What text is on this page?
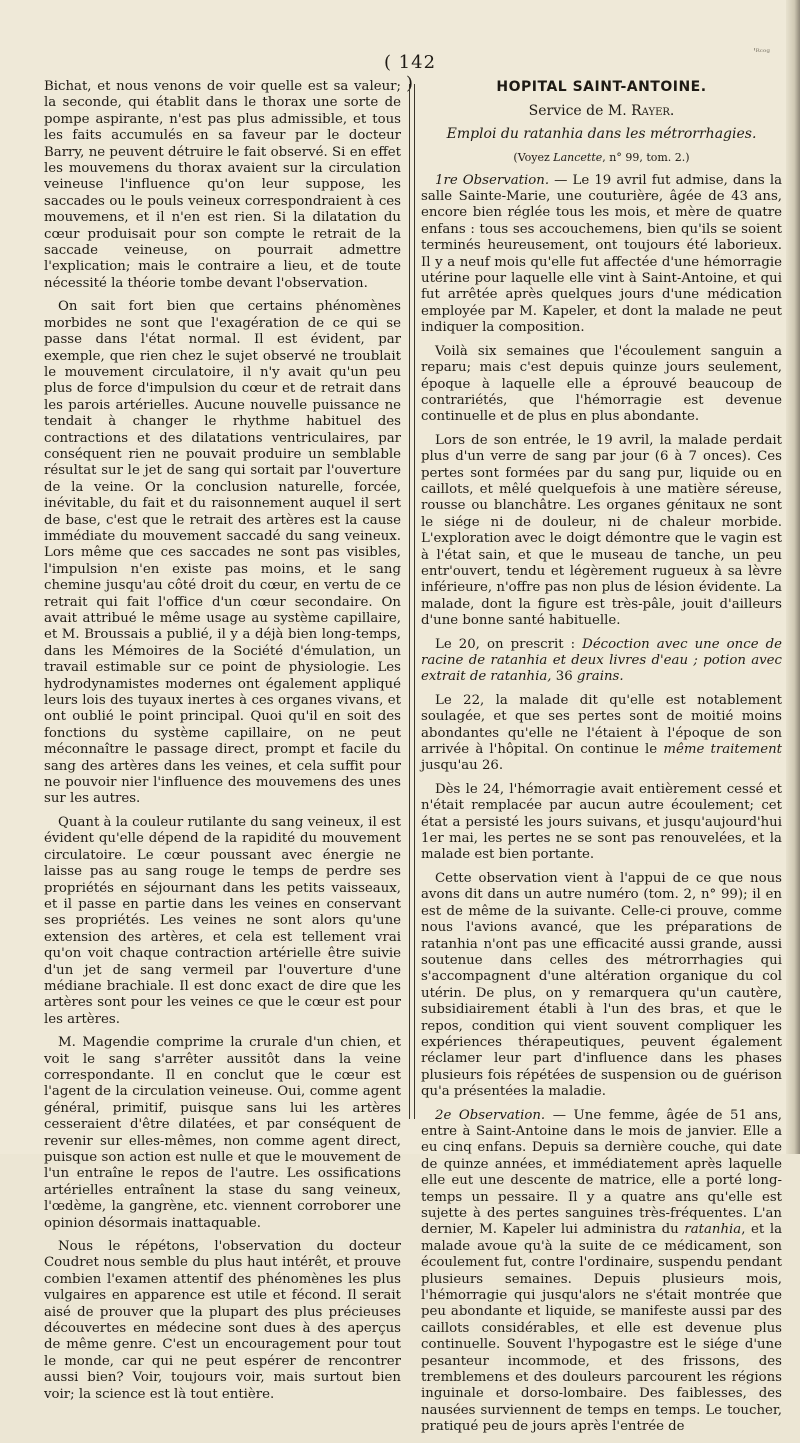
( 142 )
'ᴿᶜᵒᵍ

Bichat, et nous venons de voir quelle est sa valeur; la seconde, qui établit dans le thorax une sorte de pompe aspirante, n'est pas plus admissible, et tous les faits accumulés en sa faveur par le docteur Barry, ne peuvent détruire le fait observé. Si en effet les mouvemens du thorax avaient sur la circulation veineuse l'influence qu'on leur suppose, les saccades ou le pouls veineux correspondraient à ces mouvemens, et il n'en est rien. Si la dilatation du cœur produisait pour son compte le retrait de la saccade veineuse, on pourrait admettre l'explication; mais le contraire a lieu, et de toute nécessité la théorie tombe devant l'observation.

On sait fort bien que certains phénomènes morbides ne sont que l'exagération de ce qui se passe dans l'état normal. Il est évident, par exemple, que rien chez le sujet observé ne troublait le mouvement circulatoire, il n'y avait qu'un peu plus de force d'impulsion du cœur et de retrait dans les parois artérielles. Aucune nouvelle puissance ne tendait à changer le rhythme habituel des contractions et des dilatations ventriculaires, par conséquent rien ne pouvait produire un semblable résultat sur le jet de sang qui sortait par l'ouverture de la veine. Or la conclusion naturelle, forcée, inévitable, du fait et du raisonnement auquel il sert de base, c'est que le retrait des artères est la cause immédiate du mouvement saccadé du sang veineux. Lors même que ces saccades ne sont pas visibles, l'impulsion n'en existe pas moins, et le sang chemine jusqu'au côté droit du cœur, en vertu de ce retrait qui fait l'office d'un cœur secondaire. On avait attribué le même usage au système capillaire, et M. Broussais a publié, il y a déjà bien long-temps, dans les Mémoires de la Société d'émulation, un travail estimable sur ce point de physiologie. Les hydrodynamistes modernes ont également appliqué leurs lois des tuyaux inertes à ces organes vivans, et ont oublié le point principal. Quoi qu'il en soit des fonctions du système capillaire, on ne peut méconnaître le passage direct, prompt et facile du sang des artères dans les veines, et cela suffit pour ne pouvoir nier l'influence des mouvemens des unes sur les autres.

Quant à la couleur rutilante du sang veineux, il est évident qu'elle dépend de la rapidité du mouvement circulatoire. Le cœur poussant avec énergie ne laisse pas au sang rouge le temps de perdre ses propriétés en séjournant dans les petits vaisseaux, et il passe en partie dans les veines en conservant ses propriétés. Les veines ne sont alors qu'une extension des artères, et cela est tellement vrai qu'on voit chaque contraction artérielle être suivie d'un jet de sang vermeil par l'ouverture d'une médiane brachiale. Il est donc exact de dire que les artères sont pour les veines ce que le cœur est pour les artères.

M. Magendie comprime la crurale d'un chien, et voit le sang s'arrêter aussitôt dans la veine correspondante. Il en conclut que le cœur est l'agent de la circulation veineuse. Oui, comme agent général, primitif, puisque sans lui les artères cesseraient d'être dilatées, et par conséquent de revenir sur elles-mêmes, non comme agent direct, puisque son action est nulle et que le mouvement de l'un entraîne le repos de l'autre. Les ossifications artérielles entraînent la stase du sang veineux, l'œdème, la gangrène, etc. viennent corroborer une opinion désormais inattaquable.

Nous le répétons, l'observation du docteur Coudret nous semble du plus haut intérêt, et prouve combien l'examen attentif des phénomènes les plus vulgaires en apparence est utile et fécond. Il serait aisé de prouver que la plupart des plus précieuses découvertes en médecine sont dues à des aperçus de même genre. C'est un encouragement pour tout le monde, car qui ne peut espérer de rencontrer aussi bien? Voir, toujours voir, mais surtout bien voir; la science est là tout entière.

HOPITAL SAINT-ANTOINE.
Service de M. Rayer.
Emploi du ratanhia dans les métrorrhagies.
(Voyez Lancette, n° 99, tom. 2.)

1re Observation. — Le 19 avril fut admise, dans la salle Sainte-Marie, une couturière, âgée de 43 ans, encore bien réglée tous les mois, et mère de quatre enfans : tous ses accouchemens, bien qu'ils se soient terminés heureusement, ont toujours été laborieux. Il y a neuf mois qu'elle fut affectée d'une hémorragie utérine pour laquelle elle vint à Saint-Antoine, et qui fut arrêtée après quelques jours d'une médication employée par M. Kapeler, et dont la malade ne peut indiquer la composition.

Voilà six semaines que l'écoulement sanguin a reparu; mais c'est depuis quinze jours seulement, époque à laquelle elle a éprouvé beaucoup de contrariétés, que l'hémorragie est devenue continuelle et de plus en plus abondante.

Lors de son entrée, le 19 avril, la malade perdait plus d'un verre de sang par jour (6 à 7 onces). Ces pertes sont formées par du sang pur, liquide ou en caillots, et mêlé quelquefois à une matière séreuse, rousse ou blanchâtre. Les organes génitaux ne sont le siége ni de douleur, ni de chaleur morbide. L'exploration avec le doigt démontre que le vagin est à l'état sain, et que le museau de tanche, un peu entr'ouvert, tendu et légèrement rugueux à sa lèvre inférieure, n'offre pas non plus de lésion évidente. La malade, dont la figure est très-pâle, jouit d'ailleurs d'une bonne santé habituelle.

Le 20, on prescrit : Décoction avec une once de racine de ratanhia et deux livres d'eau ; potion avec extrait de ratanhia, 36 grains.

Le 22, la malade dit qu'elle est notablement soulagée, et que ses pertes sont de moitié moins abondantes qu'elle ne l'étaient à l'époque de son arrivée à l'hôpital. On continue le même traitement jusqu'au 26.

Dès le 24, l'hémorragie avait entièrement cessé et n'était remplacée par aucun autre écoulement; cet état a persisté les jours suivans, et jusqu'aujourd'hui 1er mai, les pertes ne se sont pas renouvelées, et la malade est bien portante.

Cette observation vient à l'appui de ce que nous avons dit dans un autre numéro (tom. 2, n° 99); il en est de même de la suivante. Celle-ci prouve, comme nous l'avions avancé, que les préparations de ratanhia n'ont pas une efficacité aussi grande, aussi soutenue dans celles des métrorrhagies qui s'accompagnent d'une altération organique du col utérin. De plus, on y remarquera qu'un cautère, subsidiairement établi à l'un des bras, et que le repos, condition qui vient souvent compliquer les expériences thérapeutiques, peuvent également réclamer leur part d'influence dans les phases plusieurs fois répétées de suspension ou de guérison qu'a présentées la maladie.

2e Observation. — Une femme, âgée de 51 ans, entre à Saint-Antoine dans le mois de janvier. Elle a eu cinq enfans. Depuis sa dernière couche, qui date de quinze années, et immédiatement après laquelle elle eut une descente de matrice, elle a porté long-temps un pessaire. Il y a quatre ans qu'elle est sujette à des pertes sanguines très-fréquentes. L'an dernier, M. Kapeler lui administra du ratanhia, et la malade avoue qu'à la suite de ce médicament, son écoulement fut, contre l'ordinaire, suspendu pendant plusieurs semaines. Depuis plusieurs mois, l'hémorragie qui jusqu'alors ne s'était montrée que peu abondante et liquide, se manifeste aussi par des caillots considérables, et elle est devenue plus continuelle. Souvent l'hypogastre est le siége d'une pesanteur incommode, et des frissons, des tremblemens et des douleurs parcourent les régions inguinale et dorso-lombaire. Des faiblesses, des nausées surviennent de temps en temps. Le toucher, pratiqué peu de jours après l'entrée de
